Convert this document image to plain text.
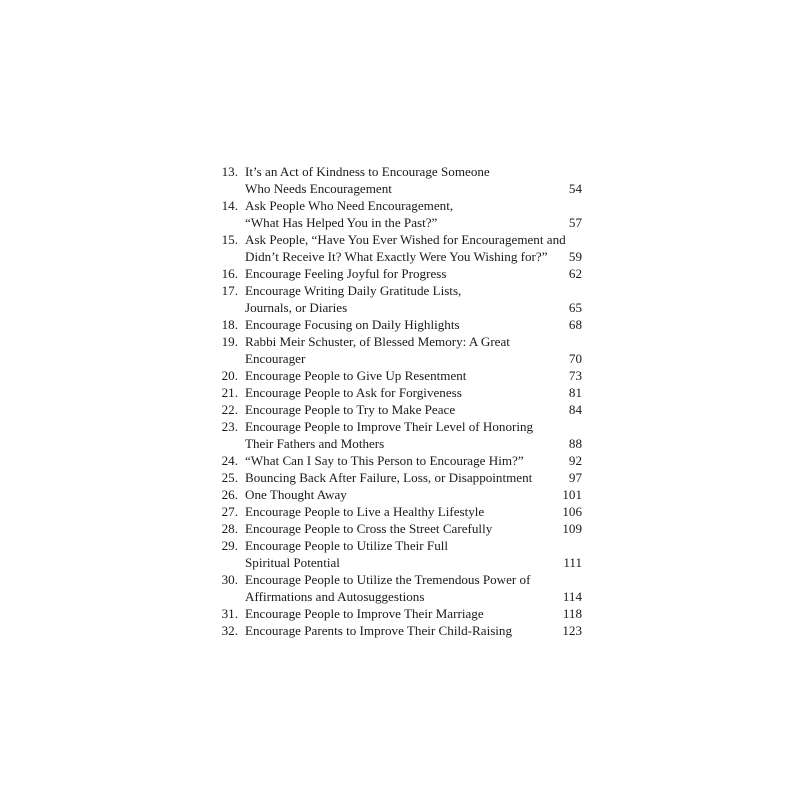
13. It’s an Act of Kindness to Encourage Someone
Who Needs Encouragement	54
14. Ask People Who Need Encouragement,
“What Has Helped You in the Past?”	57
15. Ask People, “Have You Ever Wished for Encouragement and
Didn’t Receive It? What Exactly Were You Wishing for?” 59
16. Encourage Feeling Joyful for Progress	62
17. Encourage Writing Daily Gratitude Lists,
Journals, or Diaries	65
18. Encourage Focusing on Daily Highlights	68
19. Rabbi Meir Schuster, of Blessed Memory: A Great
Encourager	70
20. Encourage People to Give Up Resentment	73
21. Encourage People to Ask for Forgiveness	81
22. Encourage People to Try to Make Peace	84
23. Encourage People to Improve Their Level of Honoring
Their Fathers and Mothers	88
24. “What Can I Say to This Person to Encourage Him?”	92
25. Bouncing Back After Failure, Loss, or Disappointment	97
26. One Thought Away	101
27. Encourage People to Live a Healthy Lifestyle	106
28. Encourage People to Cross the Street Carefully	109
29. Encourage People to Utilize Their Full
Spiritual Potential	111
30. Encourage People to Utilize the Tremendous Power of
Affirmations and Autosuggestions	114
31. Encourage People to Improve Their Marriage	118
32. Encourage Parents to Improve Their Child-Raising	123
